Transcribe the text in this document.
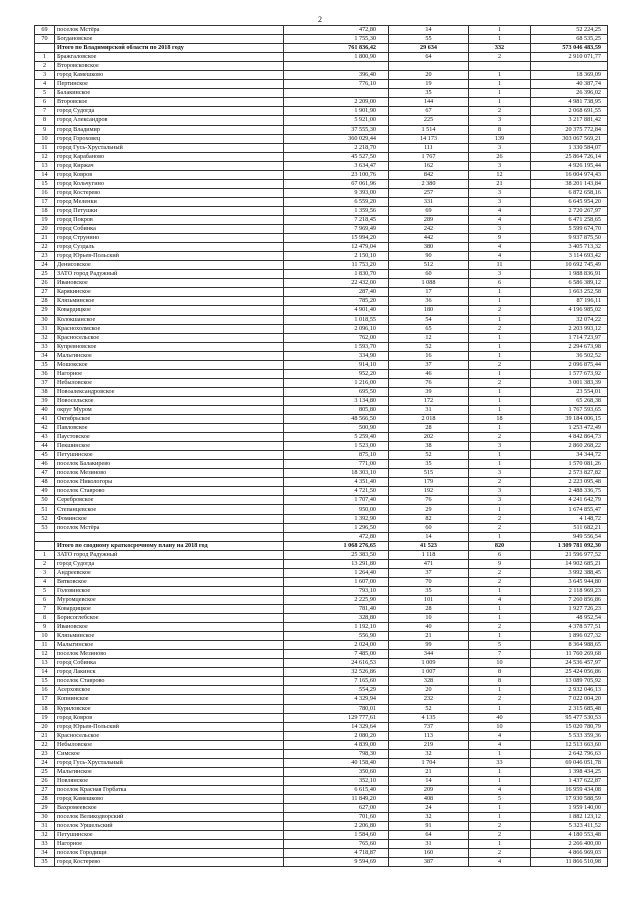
2
69	поселок Мстёра	472,80	14	1	52 224,25
70	Богдановское	1 755,30	55	1	68 535,25
	Итого по Владимирской области по 2018 году	761 836,42	29 634	332	573 046 483,59
1	Бражгаловское	1 800,90	64	2	2 910 071,77
2	Второвсковское				
3	город Камешково	396,40	20	1	18 369,09
4	Пертинское	776,10	19	1	40 387,74
5	Балакинское		35	1	26 396,02
6	Второвское	2 209,00	144	1	4 981 738,95
7	город Судогда	1 901,90	67	2	2 068 691,55
8	город Александров	5 921,00	225	3	3 217 881,42
9	город Владимир	37 555,30	1 514	8	20 375 772,84
10	город Гороховец	360 029,44	14 173	139	303 067 569,21
11	город Гусь-Хрустальный	2 218,70	111	3	1 330 584,07
12	город Карабаново	45 527,50	1 767	26	25 864 726,14
13	город Киржач	3 634,47	162	3	4 926 195,44
14	город Ковров	23 100,76	842	12	16 004 974,43
15	город Кольчугино	67 061,96	2 380	21	38 201 143,84
16	город Костерево	9 393,00	257	3	6 872 658,16
17	город Меленки	6 559,20	331	3	6 645 954,20
18	город Петушки	1 359,56	69	4	2 720 267,97
19	город Покров	7 218,45	289	4	6 471 258,65
20	город Собинка	7 969,49	242	3	5 599 674,70
21	город Струнино	15 994,20	442	9	9 937 875,50
22	город Суздаль	12 479,04	380	4	3 405 713,32
23	город Юрьев-Польский	2 150,10	90	4	3 114 693,42
24	Денисовское	11 753,20	512	11	10 692 745,49
25	ЗАТО город Радужный	1 830,70	60	3	1 988 836,91
26	Ивановское	22 432,00	1 088	6	6 586 389,12
27	Карякинское	287,40	17	1	1 663 252,58
28	Клязьминское	785,20	36	1	87 196,11
29	Ковардицкое	4 901,40	180	2	4 196 985,02
30	Колокшанское	1 018,55	54	1	32 074,22
31	Краснохолмское	2 096,10	65	2	2 203 993,12
32	Красносельское	762,00	12	1	1 714 723,97
33	Купреяновское	1 593,70	52	1	2 294 673,98
34	Мальгинское	334,90	16	1	36 502,52
35	Мошокское	914,10	37	2	2 096 875,44
36	Нагорное	952,20	46	1	1 577 673,92
37	Небыловское	1 216,00	76	2	3 001 383,39
38	Новоалександровское	695,50	39	1	23 554,01
39	Новосельское	3 134,80	172	1	65 268,38
40	округ Муром	805,80	31	1	1 767 593,65
41	Октябрьское	48 566,50	2 018	18	39 184 006,15
42	Павловское	500,90	28	1	1 253 472,49
43	Паустовское	5 259,40	202	2	4 842 864,73
44	Пекшинское	1 523,00	38	3	2 860 268,22
45	Петушинское	875,10	52	1	34 344,72
46	поселок Балакирево	771,00	35	1	1 570 081,26
47	поселок Мезиново	18 303,10	515	3	2 573 827,82
48	поселок Никологоры	4 351,40	179	2	2 223 095,48
49	поселок Ставрово	4 721,50	192	3	2 488 336,75
50	Серебровское	1 707,40	76	3	4 241 642,79
51	Степанцевское	950,00	29	1	1 674 855,47
52	Фоминское	1 392,90	82	2	4 148,72
53	поселок Мстёра	1 296,50	60	2	511 682,21
		472,80	14	1	949 556,54
	Итого по сводному краткосрочному плану на 2018 год	1 068 276,65	41 523	820	1 309 781 092,30
1	ЗАТО город Радужный	25 383,50	1 118	6	21 596 977,52
2	город Судогда	13 291,80	471	9	14 902 685,21
3	Андреевское	1 264,40	37	2	3 992 388,45
4	Вятковское	1 607,00	70	2	3 645 944,80
5	Головинское	793,10	35	1	2 118 969,23
6	Муромцевское	2 225,90	101	4	7 260 856,86
7	Ковардицкое	781,40	28	1	1 927 726,23
8	Борисоглебское	328,80	10	1	48 952,54
9	Ивановское	1 192,10	40	2	4 378 577,51
10	Клязьминское	556,90	21	1	1 896 027,32
11	Малыгинское	2 024,00	99	5	8 364 988,65
12	поселок Мезиново	7 485,00	344	7	11 760 269,68
13	город Собинка	24 616,53	1 009	10	24 536 457,97
14	город Лакинск	32 526,86	1 007	8	25 424 056,86
15	поселок Ставрово	7 165,60	328	8	13 089 705,92
16	Асерховское	554,29	20	1	2 932 046,13
17	Копнинское	4 329,94	232	2	7 022 004,20
18	Куриловское	780,01	52	1	2 315 685,48
19	город Ковров	129 777,61	4 135	40	95 477 530,53
20	город Юрьев-Польский	14 329,64	737	10	15 020 780,79
21	Красносельское	2 080,20	113	4	5 533 359,36
22	Небыловское	4 839,00	219	4	12 513 663,60
23	Симское	798,30	32	1	2 642 796,63
24	город Гусь-Хрустальный	40 158,40	1 704	33	69 046 051,78
25	Мальгинское	350,60	21	1	1 398 434,25
26	Новлянское	352,10	14	1	1 437 622,87
27	поселок Красная Горбатка	6 615,40	209	4	16 959 434,08
28	город Камешково	11 849,20	408	5	17 930 588,59
29	Вахромеевское	627,00	24	1	1 959 140,00
30	поселок Великодворский	701,60	32	1	1 882 123,12
31	поселок Уршельский	2 206,80	91	2	5 323 411,52
32	Петушинское	1 584,60	64	2	4 180 553,48
33	Нагорное	765,60	31	1	2 266 400,00
34	поселок Городищи	4 718,87	160	2	4 866 969,03
35	город Костерево	9 594,69	387	4	11 866 510,98
